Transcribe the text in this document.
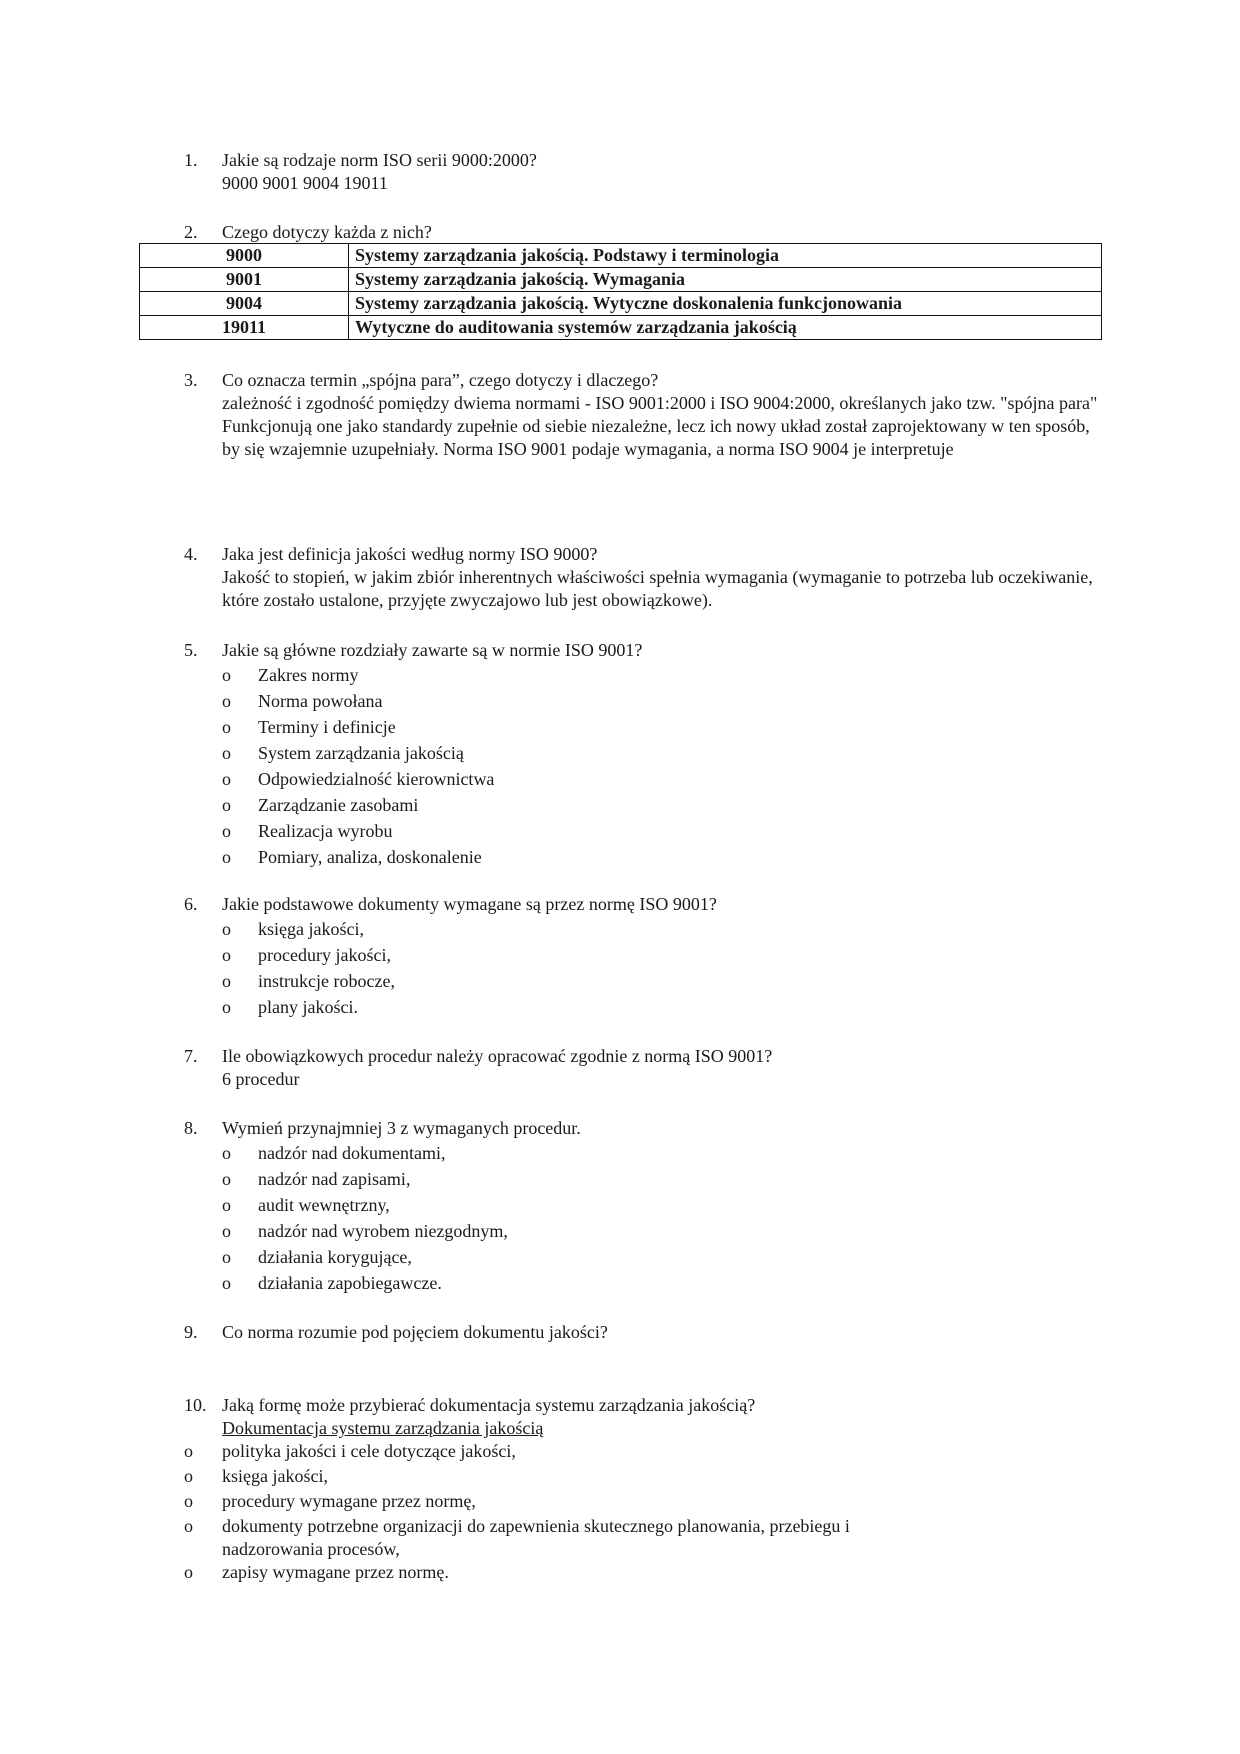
1.	Jakie są rodzaje norm ISO serii 9000:2000?
9000 9001 9004 19011
2.	Czego dotyczy każda z nich?
9000	Systemy zarządzania jakością. Podstawy i terminologia
9001	Systemy zarządzania jakością. Wymagania
9004	Systemy zarządzania jakością. Wytyczne doskonalenia funkcjonowania
19011	Wytyczne do auditowania systemów zarządzania jakością
3.	Co oznacza termin „spójna para”, czego dotyczy i dlaczego?
zależność i zgodność pomiędzy dwiema normami - ISO 9001:2000 i ISO 9004:2000, określanych jako tzw. "spójna para"
Funkcjonują one jako standardy zupełnie od siebie niezależne, lecz ich nowy układ został zaprojektowany w ten sposób, by się wzajemnie uzupełniały. Norma ISO 9001 podaje wymagania, a norma ISO 9004 je interpretuje
4.	Jaka jest definicja jakości według normy ISO 9000?
Jakość to stopień, w jakim zbiór inherentnych właściwości spełnia wymagania (wymaganie to potrzeba lub oczekiwanie, które zostało ustalone, przyjęte zwyczajowo lub jest obowiązkowe).
5.	Jakie są główne rozdziały zawarte są w normie ISO 9001?
o Zakres normy
o Norma powołana
o Terminy i definicje
o System zarządzania jakością
o Odpowiedzialność kierownictwa
o Zarządzanie zasobami
o Realizacja wyrobu
o Pomiary, analiza, doskonalenie
6.	Jakie podstawowe dokumenty wymagane są przez normę ISO 9001?
o księga jakości,
o procedury jakości,
o instrukcje robocze,
o plany jakości.
7.	Ile obowiązkowych procedur należy opracować zgodnie z normą ISO 9001?
6 procedur
8.	Wymień przynajmniej 3 z wymaganych procedur.
o nadzór nad dokumentami,
o nadzór nad zapisami,
o audit wewnętrzny,
o nadzór nad wyrobem niezgodnym,
o działania korygujące,
o działania zapobiegawcze.
9.	Co norma rozumie pod pojęciem dokumentu jakości?
10. Jaką formę może przybierać dokumentacja systemu zarządzania jakością?
Dokumentacja systemu zarządzania jakością
o polityka jakości i cele dotyczące jakości,
o księga jakości,
o procedury wymagane przez normę,
o dokumenty potrzebne organizacji do zapewnienia skutecznego planowania, przebiegu i nadzorowania procesów,
o zapisy wymagane przez normę.
